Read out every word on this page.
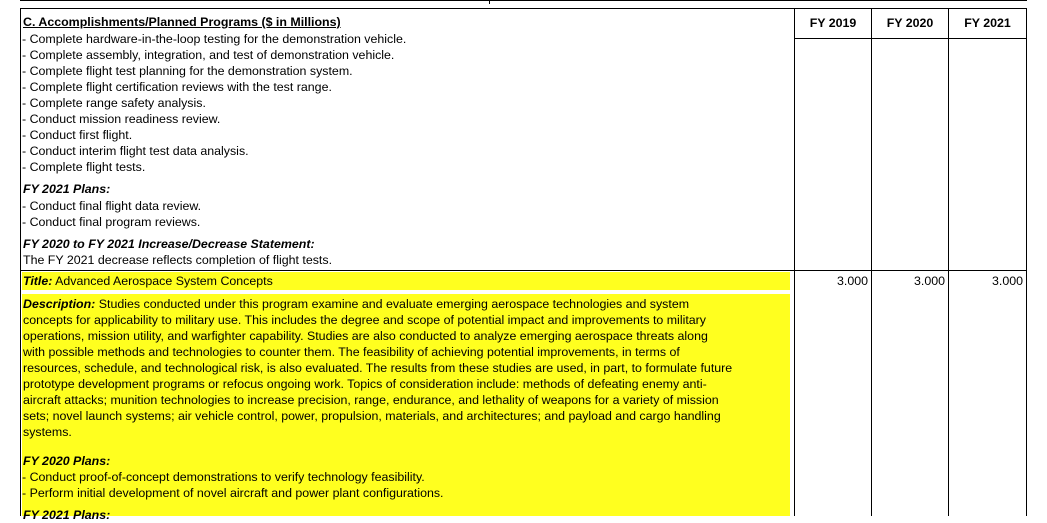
C. Accomplishments/Planned Programs ($ in Millions)	FY 2019	FY 2020	FY 2021
- Complete hardware-in-the-loop testing for the demonstration vehicle.
- Complete assembly, integration, and test of demonstration vehicle.
- Complete flight test planning for the demonstration system.
- Complete flight certification reviews with the test range.
- Complete range safety analysis.
- Conduct mission readiness review.
- Conduct first flight.
- Conduct interim flight test data analysis.
- Complete flight tests.
FY 2021 Plans:
- Conduct final flight data review.
- Conduct final program reviews.
FY 2020 to FY 2021 Increase/Decrease Statement:
The FY 2021 decrease reflects completion of flight tests.
Title: Advanced Aerospace System Concepts	3.000	3.000	3.000
Description: Studies conducted under this program examine and evaluate emerging aerospace technologies and system
concepts for applicability to military use. This includes the degree and scope of potential impact and improvements to military
operations, mission utility, and warfighter capability. Studies are also conducted to analyze emerging aerospace threats along
with possible methods and technologies to counter them. The feasibility of achieving potential improvements, in terms of
resources, schedule, and technological risk, is also evaluated. The results from these studies are used, in part, to formulate future
prototype development programs or refocus ongoing work. Topics of consideration include: methods of defeating enemy anti-
aircraft attacks; munition technologies to increase precision, range, endurance, and lethality of weapons for a variety of mission
sets; novel launch systems; air vehicle control, power, propulsion, materials, and architectures; and payload and cargo handling
systems.
FY 2020 Plans:
- Conduct proof-of-concept demonstrations to verify technology feasibility.
- Perform initial development of novel aircraft and power plant configurations.
FY 2021 Plans:
